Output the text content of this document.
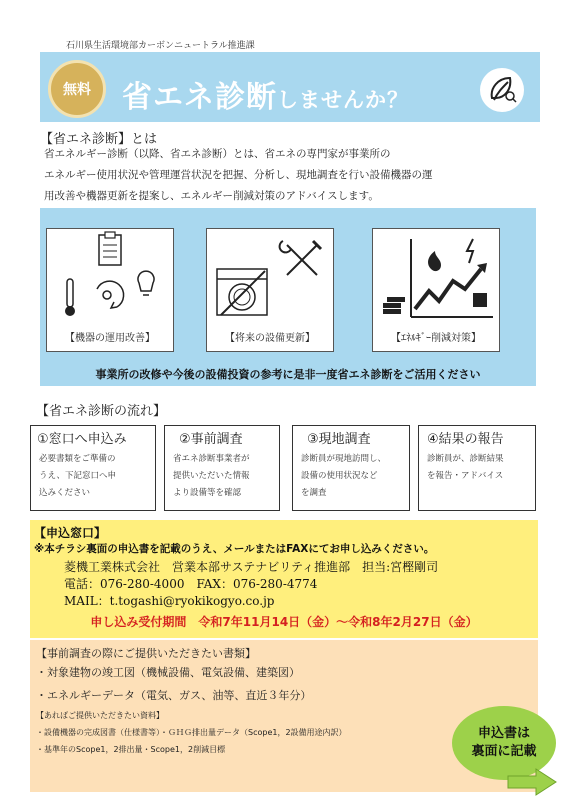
石川県生活環境部カーボンニュートラル推進課
無料 省エネ診断しませんか？
【省エネ診断】とは
省エネルギー診断（以降、省エネ診断）とは、省エネの専門家が事業所の
エネルギー使用状況や管理運営状況を把握、分析し、現地調査を行い設備機器の運
用改善や機器更新を提案し、エネルギー削減対策のアドバイスします。
【機器の運用改善】	【将来の設備更新】	【ｴﾈﾙｷﾞｰ削減対策】
事業所の改修や今後の設備投資の参考に是非一度省エネ診断をご活用ください
【省エネ診断の流れ】
①窓口へ申込み
必要書類をご準備の
うえ、下記窓口へ申
込みください
②事前調査
省エネ診断事業者が
提供いただいた情報
より設備等を確認
③現地調査
診断員が現地訪問し、
設備の使用状況など
を調査
④結果の報告
診断員が、診断結果
を報告・アドバイス
【申込窓口】
※本チラシ裏面の申込書を記載のうえ、メールまたはFAXにてお申し込みください。
菱機工業株式会社　営業本部サステナビリティ推進部　担当:宮樫剛司
電話：076-280-4000　FAX：076-280-4774
MAIL：t.togashi@ryokikogyo.co.jp
申し込み受付期間　令和7年11月14日（金）～令和8年2月27日（金）
【事前調査の際にご提供いただきたい書類】
・対象建物の竣工図（機械設備、電気設備、建築図）
・エネルギーデータ（電気、ガス、油等、直近３年分）
【あればご提供いただきたい資料】
・設備機器の完成図書（仕様書等）・ＧＨＧ排出量データ（Scope1，2設備用途内訳）
・基準年のScope1，2排出量・Scope1，2削減目標
申込書は
裏面に記載
